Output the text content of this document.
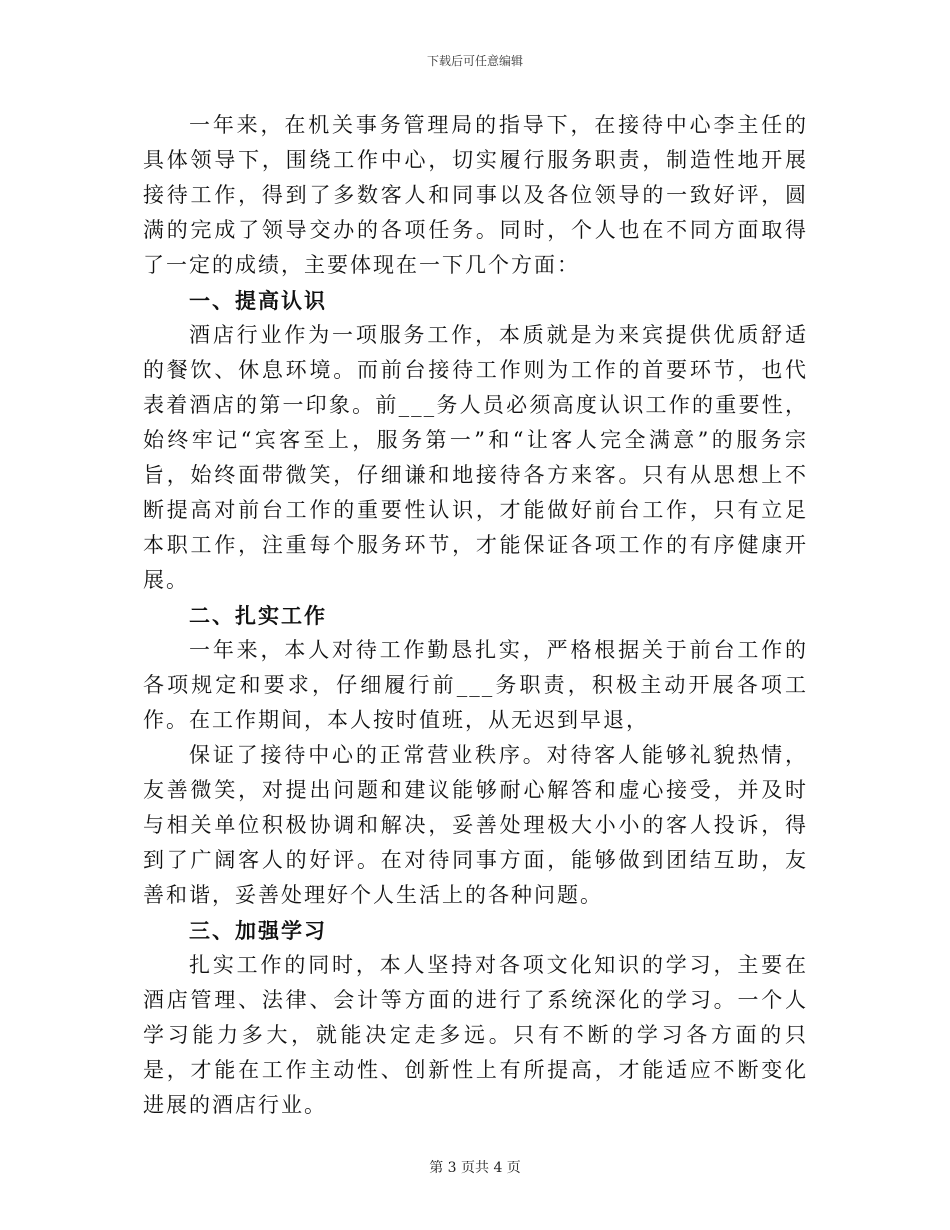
下载后可任意编辑

一年来，在机关事务管理局的指导下，在接待中心李主任的具体领导下，围绕工作中心，切实履行服务职责，制造性地开展接待工作，得到了多数客人和同事以及各位领导的一致好评，圆满的完成了领导交办的各项任务。同时，个人也在不同方面取得了一定的成绩，主要体现在一下几个方面：

一、提高认识

酒店行业作为一项服务工作，本质就是为来宾提供优质舒适的餐饮、休息环境。而前台接待工作则为工作的首要环节，也代表着酒店的第一印象。前___务人员必须高度认识工作的重要性，始终牢记“宾客至上，服务第一”和“让客人完全满意”的服务宗旨，始终面带微笑，仔细谦和地接待各方来客。只有从思想上不断提高对前台工作的重要性认识，才能做好前台工作，只有立足本职工作，注重每个服务环节，才能保证各项工作的有序健康开展。

二、扎实工作

一年来，本人对待工作勤恳扎实，严格根据关于前台工作的各项规定和要求，仔细履行前___务职责，积极主动开展各项工作。在工作期间，本人按时值班，从无迟到早退，

保证了接待中心的正常营业秩序。对待客人能够礼貌热情，友善微笑，对提出问题和建议能够耐心解答和虚心接受，并及时与相关单位积极协调和解决，妥善处理极大小小的客人投诉，得到了广阔客人的好评。在对待同事方面，能够做到团结互助，友善和谐，妥善处理好个人生活上的各种问题。

三、加强学习

扎实工作的同时，本人坚持对各项文化知识的学习，主要在酒店管理、法律、会计等方面的进行了系统深化的学习。一个人学习能力多大，就能决定走多远。只有不断的学习各方面的只是，才能在工作主动性、创新性上有所提高，才能适应不断变化进展的酒店行业。

第 3 页共 4 页
